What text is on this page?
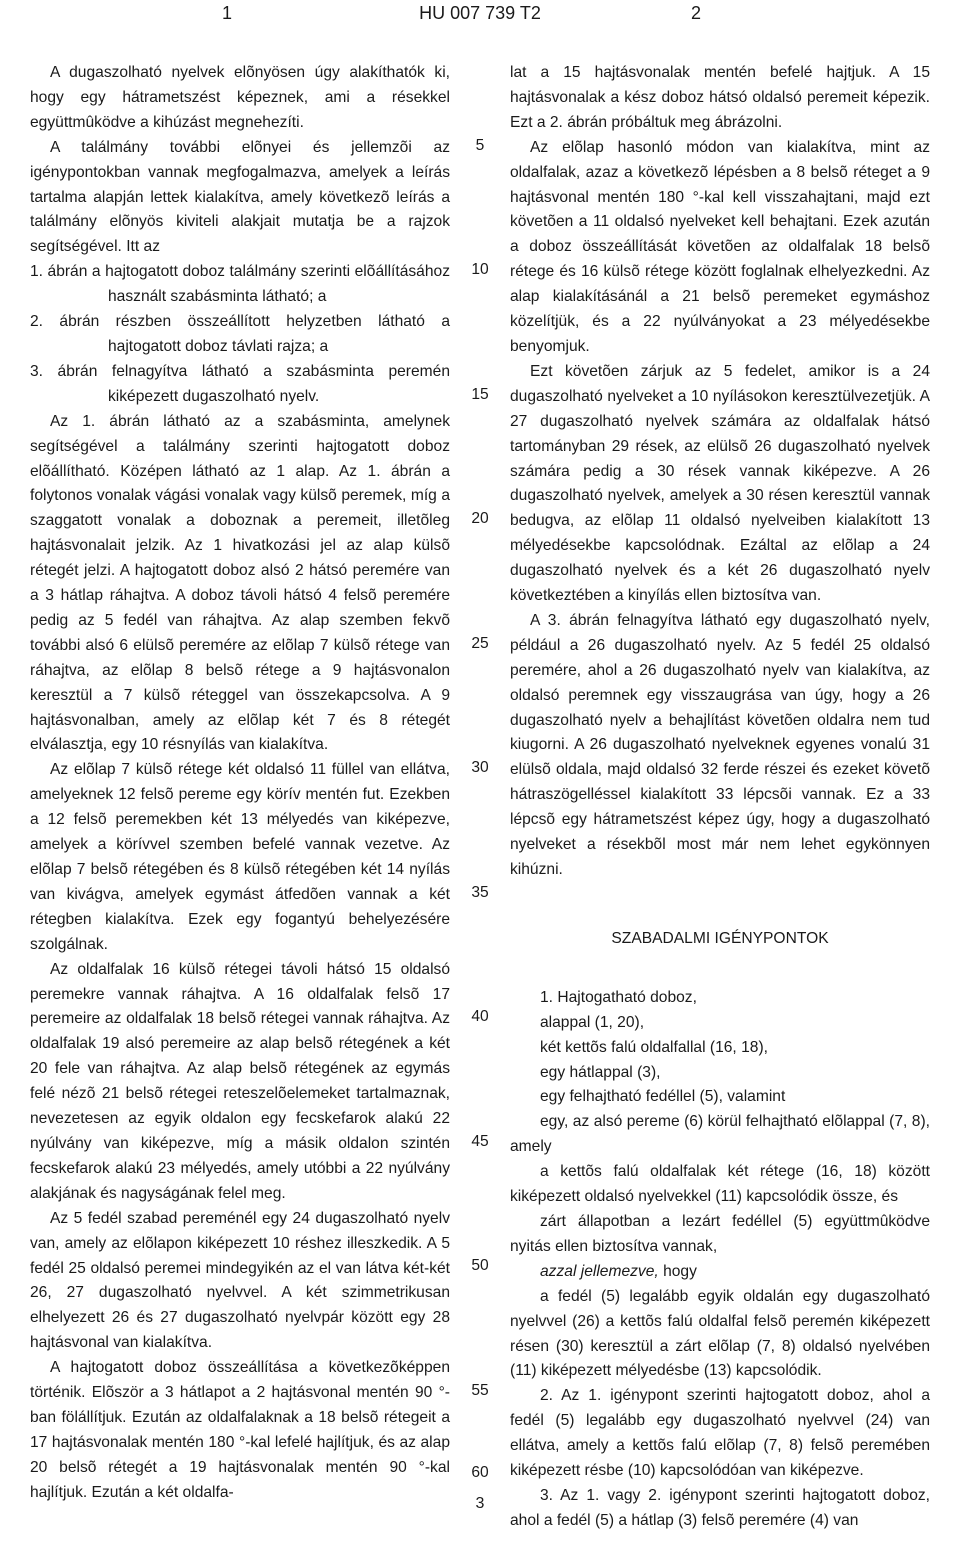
1	HU 007 739 T2	2

A dugaszolható nyelvek elõnyösen úgy alakíthatók ki, hogy egy hátrametszést képeznek, ami a résekkel együttmûködve a kihúzást megnehezíti.

A találmány további elõnyei és jellemzõi az igénypontokban vannak megfogalmazva, amelyek a leírás tartalma alapján lettek kialakítva, amely következõ leírás a találmány elõnyös kiviteli alakjait mutatja be a rajzok segítségével. Itt az

1. ábrán a hajtogatott doboz találmány szerinti elõállításához használt szabásminta látható; a

2. ábrán részben összeállított helyzetben látható a hajtogatott doboz távlati rajza; a

3. ábrán felnagyítva látható a szabásminta peremén kiképezett dugaszolható nyelv.

Az 1. ábrán látható az a szabásminta, amelynek segítségével a találmány szerinti hajtogatott doboz elõállítható. Középen látható az 1 alap. Az 1. ábrán a folytonos vonalak vágási vonalak vagy külsõ peremek, míg a szaggatott vonalak a doboznak a peremeit, illetõleg hajtásvonalait jelzik. Az 1 hivatkozási jel az alap külsõ rétegét jelzi. A hajtogatott doboz alsó 2 hátsó peremére van a 3 hátlap ráhajtva. A doboz távoli hátsó 4 felsõ peremére pedig az 5 fedél van ráhajtva. Az alap szemben fekvõ további alsó 6 elülsõ peremére az elõlap 7 külsõ rétege van ráhajtva, az elõlap 8 belsõ rétege a 9 hajtásvonalon keresztül a 7 külsõ réteggel van összekapcsolva. A 9 hajtásvonalban, amely az elõlap két 7 és 8 rétegét elválasztja, egy 10 résnyílás van kialakítva.

Az elõlap 7 külsõ rétege két oldalsó 11 füllel van ellátva, amelyeknek 12 felsõ pereme egy körív mentén fut. Ezekben a 12 felsõ peremekben két 13 mélyedés van kiképezve, amelyek a körívvel szemben befelé vannak vezetve. Az elõlap 7 belsõ rétegében és 8 külsõ rétegében két 14 nyílás van kivágva, amelyek egymást átfedõen vannak a két rétegben kialakítva. Ezek egy fogantyú behelyezésére szolgálnak.

Az oldalfalak 16 külsõ rétegei távoli hátsó 15 oldalsó peremekre vannak ráhajtva. A 16 oldalfalak felsõ 17 peremeire az oldalfalak 18 belsõ rétegei vannak ráhajtva. Az oldalfalak 19 alsó peremeire az alap belsõ rétegének a két 20 fele van ráhajtva. Az alap belsõ rétegének az egymás felé nézõ 21 belsõ rétegei reteszelõelemeket tartalmaznak, nevezetesen az egyik oldalon egy fecskefarok alakú 22 nyúlvány van kiképezve, míg a másik oldalon szintén fecskefarok alakú 23 mélyedés, amely utóbbi a 22 nyúlvány alakjának és nagyságának felel meg.

Az 5 fedél szabad pereménél egy 24 dugaszolható nyelv van, amely az elõlapon kiképezett 10 réshez illeszkedik. A 5 fedél 25 oldalsó peremei mindegyikén az el van látva két-két 26, 27 dugaszolható nyelvvel. A két szimmetrikusan elhelyezett 26 és 27 dugaszolható nyelvpár között egy 28 hajtásvonal van kialakítva.

A hajtogatott doboz összeállítása a következõképpen történik. Elõször a 3 hátlapot a 2 hajtásvonal mentén 90 °-ban fölállítjuk. Ezután az oldalfalaknak a 18 belsõ rétegeit a 17 hajtásvonalak mentén 180 °-kal lefelé hajlítjuk, és az alap 20 belsõ rétegét a 19 hajtásvonalak mentén 90 °-kal hajlítjuk. Ezután a két oldalfa-

5
10
15
20
25
30
35
40
45
50
55
60

lat a 15 hajtásvonalak mentén befelé hajtjuk. A 15 hajtásvonalak a kész doboz hátsó oldalsó peremeit képezik. Ezt a 2. ábrán próbáltuk meg ábrázolni.

Az elõlap hasonló módon van kialakítva, mint az oldalfalak, azaz a következõ lépésben a 8 belsõ réteget a 9 hajtásvonal mentén 180 °-kal kell visszahajtani, majd ezt követõen a 11 oldalsó nyelveket kell behajtani. Ezek azután a doboz összeállítását követõen az oldalfalak 18 belsõ rétege és 16 külsõ rétege között foglalnak elhelyezkedni. Az alap kialakításánál a 21 belsõ peremeket egymáshoz közelítjük, és a 22 nyúlványokat a 23 mélyedésekbe benyomjuk.

Ezt követõen zárjuk az 5 fedelet, amikor is a 24 dugaszolható nyelveket a 10 nyílásokon keresztülvezetjük. A 27 dugaszolható nyelvek számára az oldalfalak hátsó tartományban 29 rések, az elülsõ 26 dugaszolható nyelvek számára pedig a 30 rések vannak kiképezve. A 26 dugaszolható nyelvek, amelyek a 30 résen keresztül vannak bedugva, az elõlap 11 oldalsó nyelveiben kialakított 13 mélyedésekbe kapcsolódnak. Ezáltal az elõlap a 24 dugaszolható nyelvek és a két 26 dugaszolható nyelv következtében a kinyílás ellen biztosítva van.

A 3. ábrán felnagyítva látható egy dugaszolható nyelv, például a 26 dugaszolható nyelv. Az 5 fedél 25 oldalsó peremére, ahol a 26 dugaszolható nyelv van kialakítva, az oldalsó peremnek egy visszaugrása van úgy, hogy a 26 dugaszolható nyelv a behajlítást követõen oldalra nem tud kiugorni. A 26 dugaszolható nyelveknek egyenes vonalú 31 elülsõ oldala, majd oldalsó 32 ferde részei és ezeket követõ hátraszögelléssel kialakított 33 lépcsõi vannak. Ez a 33 lépcsõ egy hátrametszést képez úgy, hogy a dugaszolható nyelveket a résekbõl most már nem lehet egykönnyen kihúzni.

SZABADALMI IGÉNYPONTOK

1. Hajtogatható doboz,

alappal (1, 20),

két kettõs falú oldalfallal (16, 18),

egy hátlappal (3),

egy felhajtható fedéllel (5), valamint

egy, az alsó pereme (6) körül felhajtható elõlappal (7, 8), amely

a kettõs falú oldalfalak két rétege (16, 18) között kiképezett oldalsó nyelvekkel (11) kapcsolódik össze, és

zárt állapotban a lezárt fedéllel (5) együttmûködve nyitás ellen biztosítva vannak,

azzal jellemezve, hogy

a fedél (5) legalább egyik oldalán egy dugaszolható nyelvvel (26) a kettõs falú oldalfal felsõ peremén kiképezett résen (30) keresztül a zárt elõlap (7, 8) oldalsó nyelvében (11) kiképezett mélyedésbe (13) kapcsolódik.

2. Az 1. igénypont szerinti hajtogatott doboz, ahol a fedél (5) legalább egy dugaszolható nyelvvel (24) van ellátva, amely a kettõs falú elõlap (7, 8) felsõ peremében kiképezett résbe (10) kapcsolódóan van kiképezve.

3. Az 1. vagy 2. igénypont szerinti hajtogatott doboz, ahol a fedél (5) a hátlap (3) felsõ peremére (4) van

3
